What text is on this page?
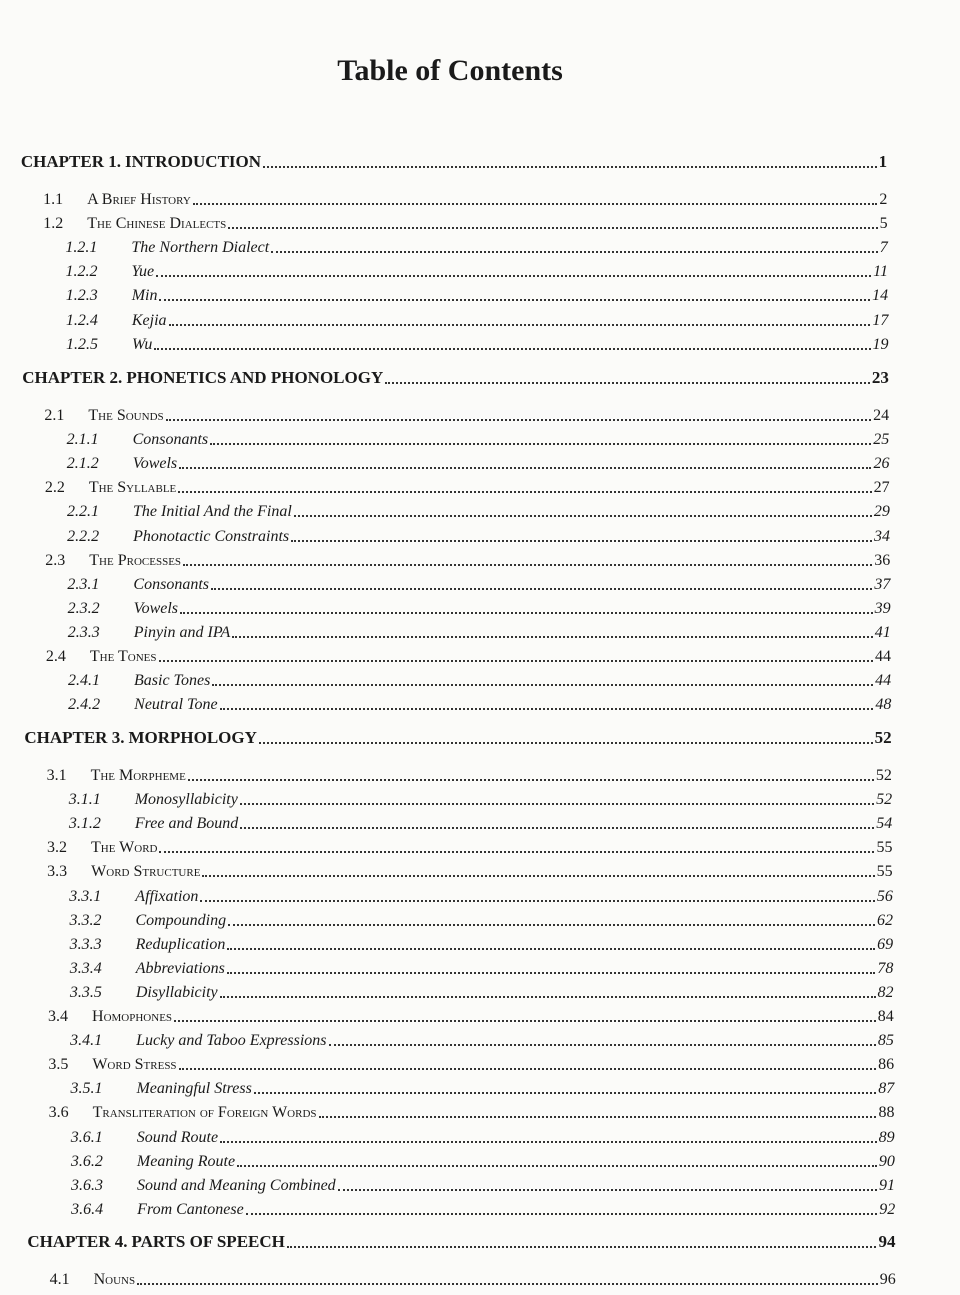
Table of Contents
CHAPTER 1. INTRODUCTION	1
1.1	A Brief History	2
1.2	The Chinese Dialects	5
1.2.1	The Northern Dialect	7
1.2.2	Yue	11
1.2.3	Min	14
1.2.4	Kejia	17
1.2.5	Wu	19
CHAPTER 2. PHONETICS AND PHONOLOGY	23
2.1	The Sounds	24
2.1.1	Consonants	25
2.1.2	Vowels	26
2.2	The Syllable	27
2.2.1	The Initial And the Final	29
2.2.2	Phonotactic Constraints	34
2.3	The Processes	36
2.3.1	Consonants	37
2.3.2	Vowels	39
2.3.3	Pinyin and IPA	41
2.4	The Tones	44
2.4.1	Basic Tones	44
2.4.2	Neutral Tone	48
CHAPTER 3. MORPHOLOGY	52
3.1	The Morpheme	52
3.1.1	Monosyllabicity	52
3.1.2	Free and Bound	54
3.2	The Word	55
3.3	Word Structure	55
3.3.1	Affixation	56
3.3.2	Compounding	62
3.3.3	Reduplication	69
3.3.4	Abbreviations	78
3.3.5	Disyllabicity	82
3.4	Homophones	84
3.4.1	Lucky and Taboo Expressions	85
3.5	Word Stress	86
3.5.1	Meaningful Stress	87
3.6	Transliteration of Foreign Words	88
3.6.1	Sound Route	89
3.6.2	Meaning Route	90
3.6.3	Sound and Meaning Combined	91
3.6.4	From Cantonese	92
CHAPTER 4. PARTS OF SPEECH	94
4.1	Nouns	96
